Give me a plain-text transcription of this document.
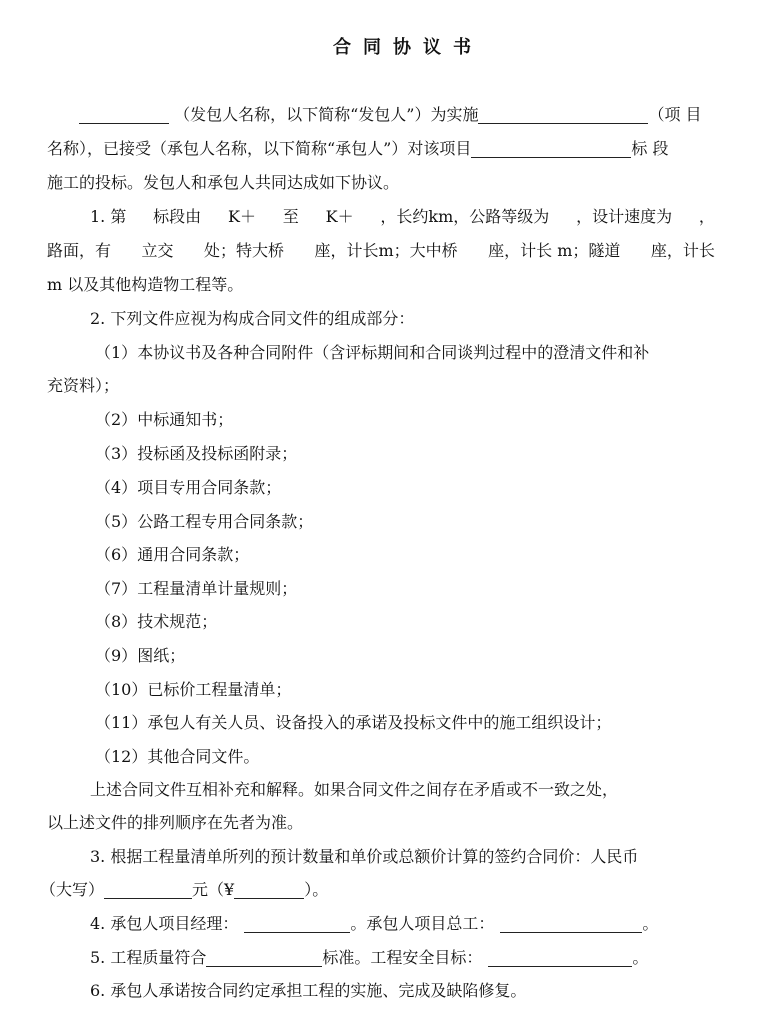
合同协议书
（发包人名称，以下简称“发包人”）为实施	（项 目
名称），已接受（承包人名称，以下简称“承包人”）对该项目	标 段
施工的投标。发包人和承包人共同达成如下协议。
1. 第 标段由 K＋ 至 K＋ ，长约km，公路等级为 ，设计速度为 ，
路面，有 立交 处；特大桥 座，计长m；大中桥 座，计长 m；隧道 座，计长
m 以及其他构造物工程等。
2. 下列文件应视为构成合同文件的组成部分：
（1）本协议书及各种合同附件（含评标期间和合同谈判过程中的澄清文件和补
充资料）；
（2）中标通知书；
（3）投标函及投标函附录；
（4）项目专用合同条款；
（5）公路工程专用合同条款；
（6）通用合同条款；
（7）工程量清单计量规则；
（8）技术规范；
（9）图纸；
（10）已标价工程量清单；
（11）承包人有关人员、设备投入的承诺及投标文件中的施工组织设计；
（12）其他合同文件。
上述合同文件互相补充和解释。如果合同文件之间存在矛盾或不一致之处，
以上述文件的排列顺序在先者为准。
3. 根据工程量清单所列的预计数量和单价或总额价计算的签约合同价：人民币
（大写）	元（¥	）。
4. 承包人项目经理：	。承包人项目总工：	。
5. 工程质量符合	标准。工程安全目标：	。
6. 承包人承诺按合同约定承担工程的实施、完成及缺陷修复。
